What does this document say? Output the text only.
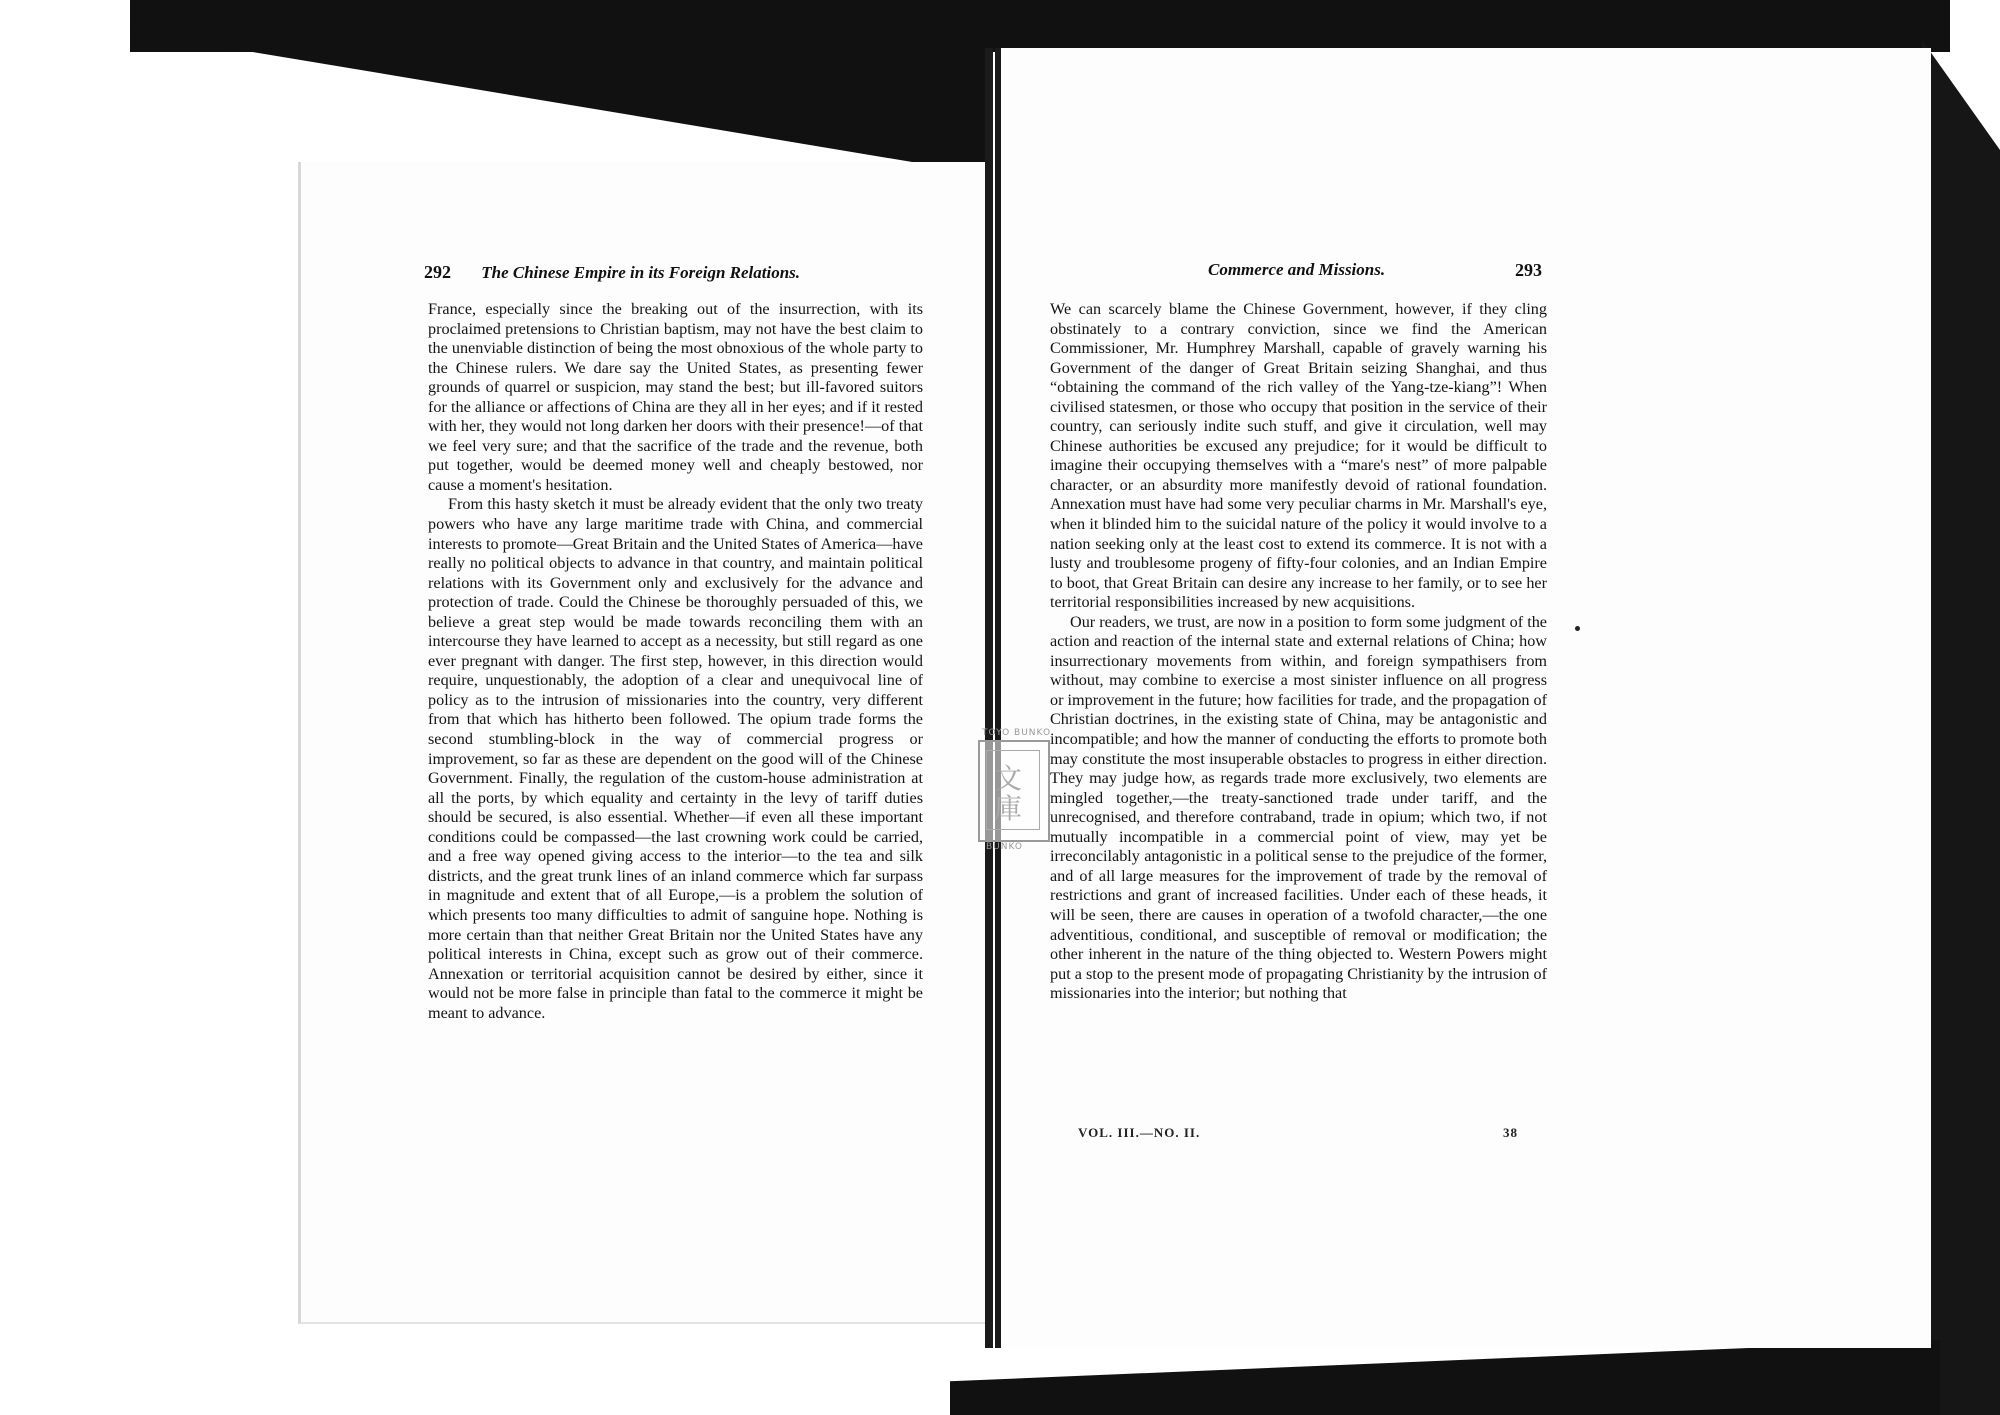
292 The Chinese Empire in its Foreign Relations.	Commerce and Missions.	293

France, especially since the breaking out of the insurrection, with its proclaimed pretensions to Christian baptism, may not have the best claim to the unenviable distinction of being the most obnoxious of the whole party to the Chinese rulers. We dare say the United States, as presenting fewer grounds of quarrel or suspicion, may stand the best; but ill-favored suitors for the alliance or affections of China are they all in her eyes; and if it rested with her, they would not long darken her doors with their presence!—of that we feel very sure; and that the sacrifice of the trade and the revenue, both put together, would be deemed money well and cheaply bestowed, nor cause a moment's hesitation.

From this hasty sketch it must be already evident that the only two treaty powers who have any large maritime trade with China, and commercial interests to promote—Great Britain and the United States of America—have really no political objects to advance in that country, and maintain political relations with its Government only and exclusively for the advance and protection of trade. Could the Chinese be thoroughly persuaded of this, we believe a great step would be made towards reconciling them with an intercourse they have learned to accept as a necessity, but still regard as one ever pregnant with danger. The first step, however, in this direction would require, unquestionably, the adoption of a clear and unequivocal line of policy as to the intrusion of missionaries into the country, very different from that which has hitherto been followed. The opium trade forms the second stumbling-block in the way of commercial progress or improvement, so far as these are dependent on the good will of the Chinese Government. Finally, the regulation of the custom-house administration at all the ports, by which equality and certainty in the levy of tariff duties should be secured, is also essential. Whether—if even all these important conditions could be compassed—the last crowning work could be carried, and a free way opened giving access to the interior—to the tea and silk districts, and the great trunk lines of an inland commerce which far surpass in magnitude and extent that of all Europe,—is a problem the solution of which presents too many difficulties to admit of sanguine hope. Nothing is more certain than that neither Great Britain nor the United States have any political interests in China, except such as grow out of their commerce. Annexation or territorial acquisition cannot be desired by either, since it would not be more false in principle than fatal to the commerce it might be meant to advance.

We can scarcely blame the Chinese Government, however, if they cling obstinately to a contrary conviction, since we find the American Commissioner, Mr. Humphrey Marshall, capable of gravely warning his Government of the danger of Great Britain seizing Shanghai, and thus “obtaining the command of the rich valley of the Yang-tze-kiang”! When civilised statesmen, or those who occupy that position in the service of their country, can seriously indite such stuff, and give it circulation, well may Chinese authorities be excused any prejudice; for it would be difficult to imagine their occupying themselves with a “mare's nest” of more palpable character, or an absurdity more manifestly devoid of rational foundation. Annexation must have had some very peculiar charms in Mr. Marshall's eye, when it blinded him to the suicidal nature of the policy it would involve to a nation seeking only at the least cost to extend its commerce. It is not with a lusty and troublesome progeny of fifty-four colonies, and an Indian Empire to boot, that Great Britain can desire any increase to her family, or to see her territorial responsibilities increased by new acquisitions.

Our readers, we trust, are now in a position to form some judgment of the action and reaction of the internal state and external relations of China; how insurrectionary movements from within, and foreign sympathisers from without, may combine to exercise a most sinister influence on all progress or improvement in the future; how facilities for trade, and the propagation of Christian doctrines, in the existing state of China, may be antagonistic and incompatible; and how the manner of conducting the efforts to promote both may constitute the most insuperable obstacles to progress in either direction. They may judge how, as regards trade more exclusively, two elements are mingled together,—the treaty-sanctioned trade under tariff, and the unrecognised, and therefore contraband, trade in opium; which two, if not mutually incompatible in a commercial point of view, may yet be irreconcilably antagonistic in a political sense to the prejudice of the former, and of all large measures for the improvement of trade by the removal of restrictions and grant of increased facilities. Under each of these heads, it will be seen, there are causes in operation of a twofold character,—the one adventitious, conditional, and susceptible of removal or modification; the other inherent in the nature of the thing objected to. Western Powers might put a stop to the present mode of propagating Christianity by the intrusion of missionaries into the interior; but nothing that

VOL. III.—NO. II.	38
文
庫
TOYO BUNKO
BUNKO
